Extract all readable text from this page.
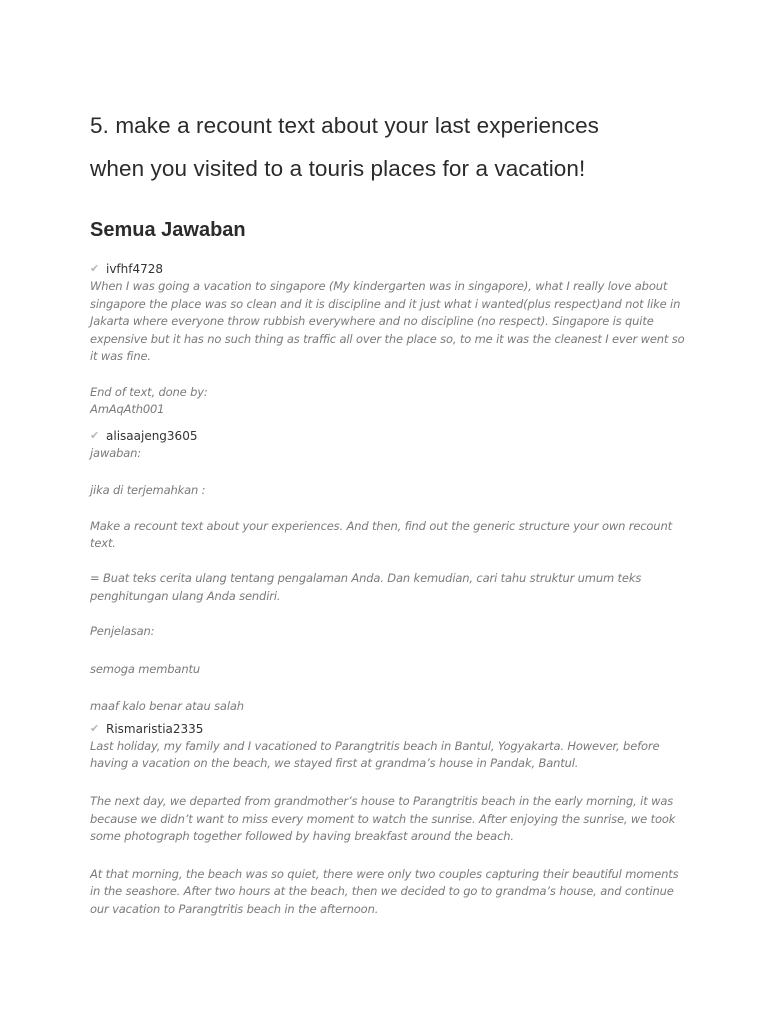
5. make a recount text about your last experiences
when you visited to a touris places for a vacation!
Semua Jawaban
✔ ivfhf4728

When I was going a vacation to singapore (My kindergarten was in singapore), what I really love about singapore the place was so clean and it is discipline and it just what i wanted(plus respect)and not like in Jakarta where everyone throw rubbish everywhere and no discipline (no respect). Singapore is quite expensive but it has no such thing as traffic all over the place so, to me it was the cleanest I ever went so it was fine.

End of text, done by:

AmAqAth001

✔ alisaajeng3605

jawaban:

jika di terjemahkan :

Make a recount text about your experiences. And then, find out the generic structure your own recount text.

= Buat teks cerita ulang tentang pengalaman Anda. Dan kemudian, cari tahu struktur umum teks penghitungan ulang Anda sendiri.

Penjelasan:

semoga membantu

maaf kalo benar atau salah

✔ Rismaristia2335

Last holiday, my family and I vacationed to Parangtritis beach in Bantul, Yogyakarta. However, before having a vacation on the beach, we stayed first at grandma’s house in Pandak, Bantul.

The next day, we departed from grandmother’s house to Parangtritis beach in the early morning, it was because we didn’t want to miss every moment to watch the sunrise. After enjoying the sunrise, we took some photograph together followed by having breakfast around the beach.

At that morning, the beach was so quiet, there were only two couples capturing their beautiful moments in the seashore. After two hours at the beach, then we decided to go to grandma’s house, and continue our vacation to Parangtritis beach in the afternoon.
